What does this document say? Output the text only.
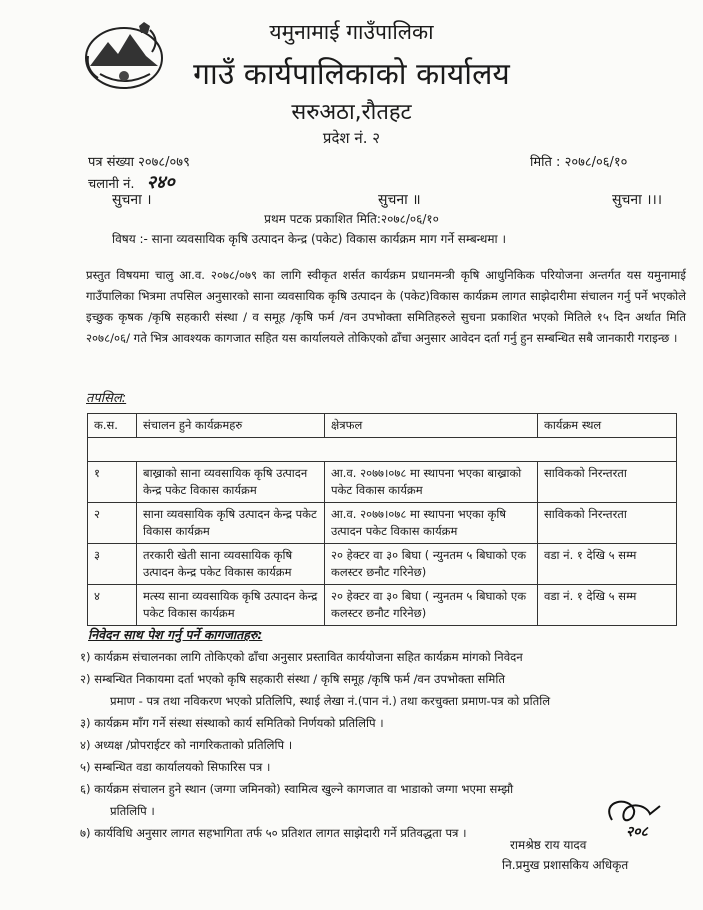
यमुनामाई गाउँपालिका
गाउँ कार्यपालिकाको कार्यालय
सरुअठा,रौतहट
प्रदेश नं. २
पत्र संख्या २०७८/०७९
चलानी नं. २४०
मिति : २०७८/०६/१०
सुचना ।	सुचना ॥	सुचना ।।।
प्रथम पटक प्रकाशित मिति:२०७८/०६/१०
विषय :- साना व्यवसायिक कृषि उत्पादन केन्द्र (पकेट) विकास कार्यक्रम माग गर्ने सम्बन्धमा ।
प्रस्तुत विषयमा चालु आ.व. २०७८/०७९ का लागि स्वीकृत शर्सत कार्यक्रम प्रधानमन्त्री कृषि आधुनिकिक परियोजना अन्तर्गत यस यमुनामाई गाउँपालिका भित्रमा तपसिल अनुसारको साना व्यवसायिक कृषि उत्पादन के (पकेट)विकास कार्यक्रम लागत साझेदारीमा संचालन गर्नु पर्ने भएकोले इच्छुक कृषक /कृषि सहकारी संस्था / व समूह /कृषि फर्म /वन उपभोक्ता समितिहरुले सुचना प्रकाशित भएको मितिले १५ दिन अर्थात मिति २०७८/०६/ गते भित्र आवश्यक कागजात सहित यस कार्यालयले तोकिएको ढाँचा अनुसार आवेदन दर्ता गर्नु हुन सम्बन्धित सबै जानकारी गराइन्छ ।
तपसिल:
क.स.	संचालन हुने कार्यक्रमहरु	क्षेत्रफल	कार्यक्रम स्थल

१	बाख्राको साना व्यवसायिक कृषि उत्पादन केन्द्र पकेट विकास कार्यक्रम	आ.व. २०७७।०७८ मा स्थापना भएका बाख्राको पकेट विकास कार्यक्रम	साविकको निरन्तरता
२	साना व्यवसायिक कृषि उत्पादन केन्द्र पकेट विकास कार्यक्रम	आ.व. २०७७।०७८ मा स्थापना भएका कृषि उत्पादन पकेट विकास कार्यक्रम	साविकको निरन्तरता
३	तरकारी खेती साना व्यवसायिक कृषि उत्पादन केन्द्र पकेट विकास कार्यक्रम	२० हेक्टर वा ३० बिघा ( न्युनतम ५ बिघाको एक कलस्टर छनौट गरिनेछ)	वडा नं. १ देखि ५ सम्म
४	मत्स्य साना व्यवसायिक कृषि उत्पादन केन्द्र पकेट विकास कार्यक्रम	२० हेक्टर वा ३० बिघा ( न्युनतम ५ बिघाको एक कलस्टर छनौट गरिनेछ)	वडा नं. १ देखि ५ सम्म
निवेदन साथ पेश गर्नु पर्ने कागजातहरु:
१) कार्यक्रम संचालनका लागि तोकिएको ढाँचा अनुसार प्रस्तावित कार्ययोजना सहित कार्यक्रम मांगको निवेदन
२) सम्बन्धित निकायमा दर्ता भएको कृषि सहकारी संस्था / कृषि समूह /कृषि फर्म /वन उपभोक्ता समिति
प्रमाण - पत्र तथा नविकरण भएको प्रतिलिपि, स्थाई लेखा नं.(पान नं.) तथा करचुक्ता प्रमाण-पत्र को प्रतिलि
३) कार्यक्रम माँग गर्ने संस्था संस्थाको कार्य समितिको निर्णयको प्रतिलिपि ।
४) अध्यक्ष /प्रोपराईटर को नागरिकताको प्रतिलिपि ।
५) सम्बन्धित वडा कार्यालयको सिफारिस पत्र ।
६) कार्यक्रम संचालन हुने स्थान (जग्गा जमिनको) स्वामित्व खुल्ने कागजात वा भाडाको जग्गा भएमा सम्झौ
प्रतिलिपि ।
७) कार्यविधि अनुसार लागत सहभागिता तर्फ ५० प्रतिशत लागत साझेदारी गर्ने प्रतिवद्धता पत्र ।	२०८
रामश्रेष्ठ राय यादव
नि.प्रमुख प्रशासकिय अधिकृत
